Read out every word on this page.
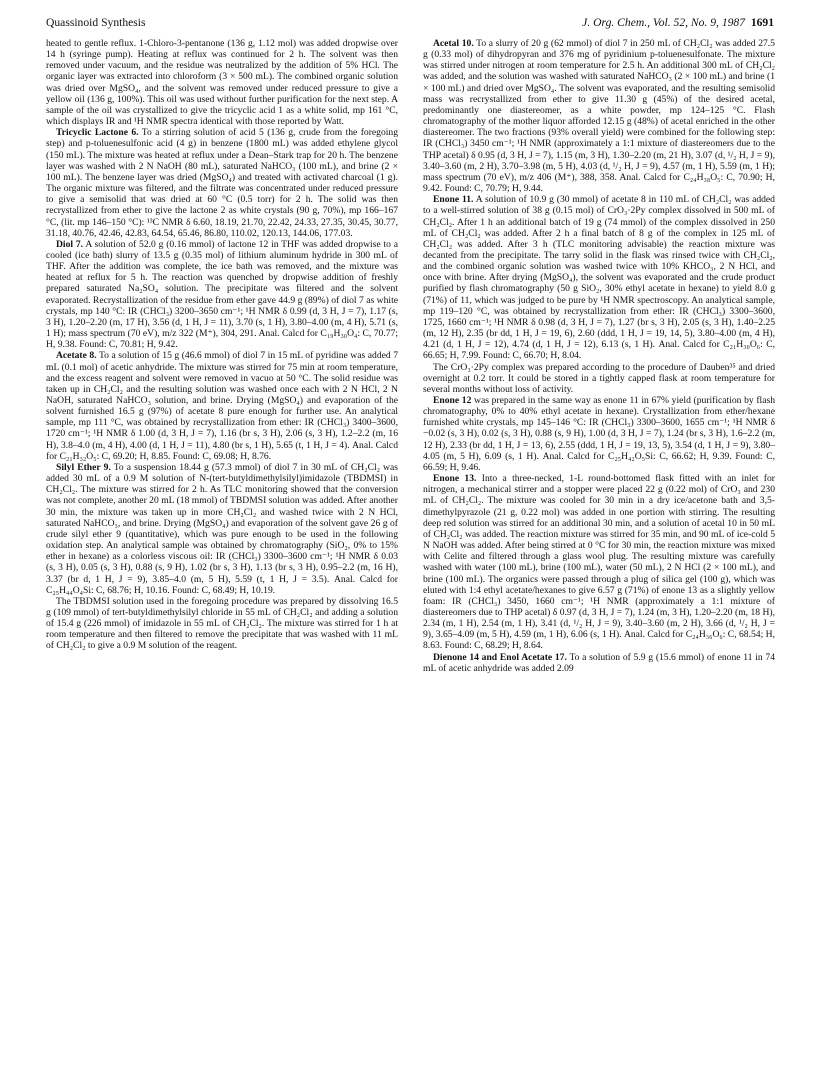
Quassinoid Synthesis	J. Org. Chem., Vol. 52, No. 9, 1987 1691

heated to gentle reflux. 1-Chloro-3-pentanone (136 g, 1.12 mol) was added dropwise over 14 h (syringe pump). Heating at reflux was continued for 2 h. The solvent was then removed under vacuum, and the residue was neutralized by the addition of 5% HCl. The organic layer was extracted into chloroform (3 × 500 mL). The combined organic solution was dried over MgSO₄, and the solvent was removed under reduced pressure to give a yellow oil (136 g, 100%). This oil was used without further purification for the next step. A sample of the oil was crystallized to give the tricyclic acid 1 as a white solid, mp 161 °C, which displays IR and ¹H NMR spectra identical with those reported by Watt.

Tricyclic Lactone 6. To a stirring solution of acid 5 (136 g, crude from the foregoing step) and p-toluenesulfonic acid (4 g) in benzene (1800 mL) was added ethylene glycol (150 mL). The mixture was heated at reflux under a Dean–Stark trap for 20 h. The benzene layer was washed with 2 N NaOH (80 mL), saturated NaHCO₃ (100 mL), and brine (2 × 100 mL). The benzene layer was dried (MgSO₄) and treated with activated charcoal (1 g). The organic mixture was filtered, and the filtrate was concentrated under reduced pressure to give a semisolid that was dried at 60 °C (0.5 torr) for 2 h. The solid was then recrystallized from ether to give the lactone 2 as white crystals (90 g, 70%), mp 166–167 °C, (lit. mp 146–150 °C): ¹³C NMR δ 6.60, 18.19, 21.70, 22.42, 24.33, 27.35, 30.45, 30.77, 31.18, 40.76, 42.46, 42.83, 64.54, 65.46, 86.80, 110.02, 120.13, 144.06, 177.03.

Diol 7. A solution of 52.0 g (0.16 mmol) of lactone 12 in THF was added dropwise to a cooled (ice bath) slurry of 13.5 g (0.35 mol) of lithium aluminum hydride in 300 mL of THF. After the addition was complete, the ice bath was removed, and the mixture was heated at reflux for 5 h. The reaction was quenched by dropwise addition of freshly prepared saturated Na₂SO₄ solution. The precipitate was filtered and the solvent evaporated. Recrystallization of the residue from ether gave 44.9 g (89%) of diol 7 as white crystals, mp 140 °C: IR (CHCl₃) 3200–3650 cm⁻¹; ¹H NMR δ 0.99 (d, 3 H, J = 7), 1.17 (s, 3 H), 1.20–2.20 (m, 17 H), 3.56 (d, 1 H, J = 11), 3.70 (s, 1 H), 3.80–4.00 (m, 4 H), 5.71 (s, 1 H); mass spectrum (70 eV), m/z 322 (M⁺), 304, 291. Anal. Calcd for C₁₉H₃₀O₄: C, 70.77; H, 9.38. Found: C, 70.81; H, 9.42.

Acetate 8. To a solution of 15 g (46.6 mmol) of diol 7 in 15 mL of pyridine was added 7 mL (0.1 mol) of acetic anhydride. The mixture was stirred for 75 min at room temperature, and the excess reagent and solvent were removed in vacuo at 50 °C. The solid residue was taken up in CH₂Cl₂ and the resulting solution was washed once each with 2 N HCl, 2 N NaOH, saturated NaHCO₃ solution, and brine. Drying (MgSO₄) and evaporation of the solvent furnished 16.5 g (97%) of acetate 8 pure enough for further use. An analytical sample, mp 111 °C, was obtained by recrystallization from ether: IR (CHCl₃) 3400–3600, 1720 cm⁻¹; ¹H NMR δ 1.00 (d, 3 H, J = 7), 1.16 (br s, 3 H), 2.06 (s, 3 H), 1.2–2.2 (m, 16 H), 3.8–4.0 (m, 4 H), 4.00 (d, 1 H, J = 11), 4.80 (br s, 1 H), 5.65 (t, 1 H, J = 4). Anal. Calcd for C₂₁H₃₂O₅: C, 69.20; H, 8.85. Found: C, 69.08; H, 8.76.

Silyl Ether 9. To a suspension 18.44 g (57.3 mmol) of diol 7 in 30 mL of CH₂Cl₂ was added 30 mL of a 0.9 M solution of N-(tert-butyldimethylsilyl)imidazole (TBDMSI) in CH₂Cl₂. The mixture was stirred for 2 h. As TLC monitoring showed that the conversion was not complete, another 20 mL (18 mmol) of TBDMSI solution was added. After another 30 min, the mixture was taken up in more CH₂Cl₂ and washed twice with 2 N HCl, saturated NaHCO₃, and brine. Drying (MgSO₄) and evaporation of the solvent gave 26 g of crude silyl ether 9 (quantitative), which was pure enough to be used in the following oxidation step. An analytical sample was obtained by chromatography (SiO₂, 0% to 15% ether in hexane) as a colorless viscous oil: IR (CHCl₃) 3300–3600 cm⁻¹; ¹H NMR δ 0.03 (s, 3 H), 0.05 (s, 3 H), 0.88 (s, 9 H), 1.02 (br s, 3 H), 1.13 (br s, 3 H), 0.95–2.2 (m, 16 H), 3.37 (br d, 1 H, J = 9), 3.85–4.0 (m, 5 H), 5.59 (t, 1 H, J = 3.5). Anal. Calcd for C₂₅H₄₄O₄Si: C, 68.76; H, 10.16. Found: C, 68.49; H, 10.19.

The TBDMSI solution used in the foregoing procedure was prepared by dissolving 16.5 g (109 mmol) of tert-butyldimethylsilyl chloride in 55 mL of CH₂Cl₂ and adding a solution of 15.4 g (226 mmol) of imidazole in 55 mL of CH₂Cl₂. The mixture was stirred for 1 h at room temperature and then filtered to remove the precipitate that was washed with 11 mL of CH₂Cl₂ to give a 0.9 M solution of the reagent.

Acetal 10. To a slurry of 20 g (62 mmol) of diol 7 in 250 mL of CH₂Cl₂ was added 27.5 g (0.33 mol) of dihydropyran and 376 mg of pyridinium p-toluenesulfonate. The mixture was stirred under nitrogen at room temperature for 2.5 h. An additional 300 mL of CH₂Cl₂ was added, and the solution was washed with saturated NaHCO₃ (2 × 100 mL) and brine (1 × 100 mL) and dried over MgSO₄. The solvent was evaporated, and the resulting semisolid mass was recrystallized from ether to give 11.30 g (45%) of the desired acetal, predominantly one diastereomer, as a white powder, mp 124–125 °C. Flash chromatography of the mother liquor afforded 12.15 g (48%) of acetal enriched in the other diastereomer. The two fractions (93% overall yield) were combined for the following step: IR (CHCl₃) 3450 cm⁻¹; ¹H NMR (approximately a 1:1 mixture of diastereomers due to the THP acetal) δ 0.95 (d, 3 H, J = 7), 1.15 (m, 3 H), 1.30–2.20 (m, 21 H), 3.07 (d, ¹/₂ H, J = 9), 3.40–3.60 (m, 2 H), 3.70–3.98 (m, 5 H), 4.03 (d, ¹/₂ H, J = 9), 4.57 (m, 1 H), 5.59 (m, 1 H); mass spectrum (70 eV), m/z 406 (M⁺), 388, 358. Anal. Calcd for C₂₄H₃₈O₅: C, 70.90; H, 9.42. Found: C, 70.79; H, 9.44.

Enone 11. A solution of 10.9 g (30 mmol) of acetate 8 in 110 mL of CH₂Cl₂ was added to a well-stirred solution of 38 g (0.15 mol) of CrO₃·2Py complex dissolved in 500 mL of CH₂Cl₂. After 1 h an additional batch of 19 g (74 mmol) of the complex dissolved in 250 mL of CH₂Cl₂ was added. After 2 h a final batch of 8 g of the complex in 125 mL of CH₂Cl₂ was added. After 3 h (TLC monitoring advisable) the reaction mixture was decanted from the precipitate. The tarry solid in the flask was rinsed twice with CH₂Cl₂, and the combined organic solution was washed twice with 10% KHCO₃, 2 N HCl, and once with brine. After drying (MgSO₄), the solvent was evaporated and the crude product purified by flash chromatography (50 g SiO₂, 30% ethyl acetate in hexane) to yield 8.0 g (71%) of 11, which was judged to be pure by ¹H NMR spectroscopy. An analytical sample, mp 119–120 °C, was obtained by recrystallization from ether: IR (CHCl₃) 3300–3600, 1725, 1660 cm⁻¹; ¹H NMR δ 0.98 (d, 3 H, J = 7), 1.27 (br s, 3 H), 2.05 (s, 3 H), 1.40–2.25 (m, 12 H), 2.35 (br dd, 1 H, J = 19, 6), 2.60 (ddd, 1 H, J = 19, 14, 5), 3.80–4.00 (m, 4 H), 4.21 (d, 1 H, J = 12), 4.74 (d, 1 H, J = 12), 6.13 (s, 1 H). Anal. Calcd for C₂₁H₃₀O₆: C, 66.65; H, 7.99. Found: C, 66.70; H, 8.04.

The CrO₃·2Py complex was prepared according to the procedure of Dauben³⁵ and dried overnight at 0.2 torr. It could be stored in a tightly capped flask at room temperature for several months without loss of activity.

Enone 12 was prepared in the same way as enone 11 in 67% yield (purification by flash chromatography, 0% to 40% ethyl acetate in hexane). Crystallization from ether/hexane furnished white crystals, mp 145–146 °C: IR (CHCl₃) 3300–3600, 1655 cm⁻¹; ¹H NMR δ −0.02 (s, 3 H), 0.02 (s, 3 H), 0.88 (s, 9 H), 1.00 (d, 3 H, J = 7), 1.24 (br s, 3 H), 1.6–2.2 (m, 12 H), 2.33 (br dd, 1 H, J = 13, 6), 2.55 (ddd, 1 H, J = 19, 13, 5), 3.54 (d, 1 H, J = 9), 3.80–4.05 (m, 5 H), 6.09 (s, 1 H). Anal. Calcd for C₂₅H₄₂O₅Si: C, 66.62; H, 9.39. Found: C, 66.59; H, 9.46.

Enone 13. Into a three-necked, 1-L round-bottomed flask fitted with an inlet for nitrogen, a mechanical stirrer and a stopper were placed 22 g (0.22 mol) of CrO₃ and 230 mL of CH₂Cl₂. The mixture was cooled for 30 min in a dry ice/acetone bath and 3,5-dimethylpyrazole (21 g, 0.22 mol) was added in one portion with stirring. The resulting deep red solution was stirred for an additional 30 min, and a solution of acetal 10 in 50 mL of CH₂Cl₂ was added. The reaction mixture was stirred for 35 min, and 90 mL of ice-cold 5 N NaOH was added. After being stirred at 0 °C for 30 min, the reaction mixture was mixed with Celite and filtered through a glass wool plug. The resulting mixture was carefully washed with water (100 mL), brine (100 mL), water (50 mL), 2 N HCl (2 × 100 mL), and brine (100 mL). The organics were passed through a plug of silica gel (100 g), which was eluted with 1:4 ethyl acetate/hexanes to give 6.57 g (71%) of enone 13 as a slightly yellow foam: IR (CHCl₃) 3450, 1660 cm⁻¹; ¹H NMR (approximately a 1:1 mixture of diastereomers due to THP acetal) δ 0.97 (d, 3 H, J = 7), 1.24 (m, 3 H), 1.20–2.20 (m, 18 H), 2.34 (m, 1 H), 2.54 (m, 1 H), 3.41 (d, ¹/₂ H, J = 9), 3.40–3.60 (m, 2 H), 3.66 (d, ¹/₂ H, J = 9), 3.65–4.09 (m, 5 H), 4.59 (m, 1 H), 6.06 (s, 1 H). Anal. Calcd for C₂₄H₃₆O₆: C, 68.54; H, 8.63. Found: C, 68.29; H, 8.64.

Dienone 14 and Enol Acetate 17. To a solution of 5.9 g (15.6 mmol) of enone 11 in 74 mL of acetic anhydride was added 2.09
